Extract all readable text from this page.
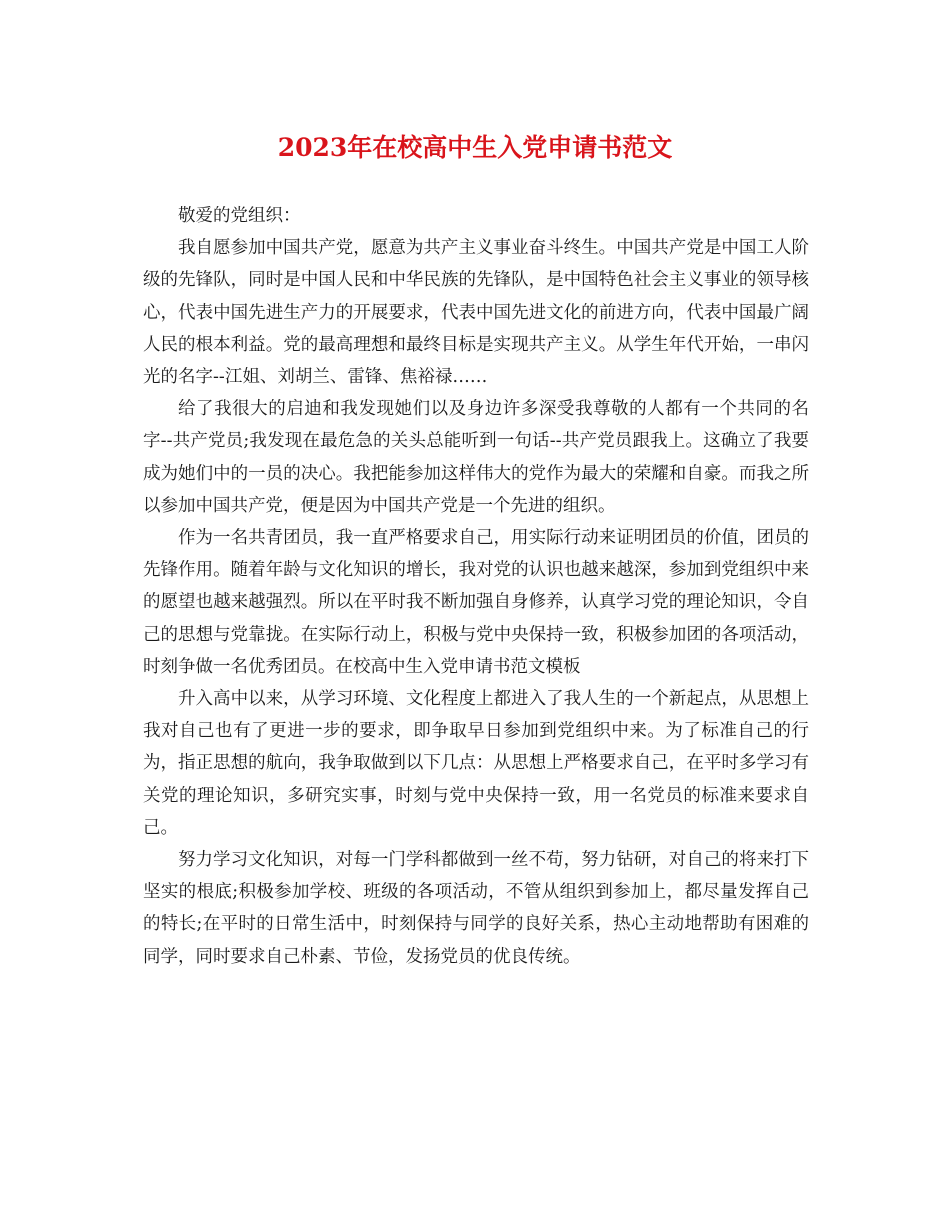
2023年在校高中生入党申请书范文

敬爱的党组织：

我自愿参加中国共产党，愿意为共产主义事业奋斗终生。中国共产党是中国工人阶级的先锋队，同时是中国人民和中华民族的先锋队，是中国特色社会主义事业的领导核心，代表中国先进生产力的开展要求，代表中国先进文化的前进方向，代表中国最广阔人民的根本利益。党的最高理想和最终目标是实现共产主义。从学生年代开始，一串闪光的名字--江姐、刘胡兰、雷锋、焦裕禄……

给了我很大的启迪和我发现她们以及身边许多深受我尊敬的人都有一个共同的名字--共产党员;我发现在最危急的关头总能听到一句话--共产党员跟我上。这确立了我要成为她们中的一员的决心。我把能参加这样伟大的党作为最大的荣耀和自豪。而我之所以参加中国共产党，便是因为中国共产党是一个先进的组织。

作为一名共青团员，我一直严格要求自己，用实际行动来证明团员的价值，团员的先锋作用。随着年龄与文化知识的增长，我对党的认识也越来越深，参加到党组织中来的愿望也越来越强烈。所以在平时我不断加强自身修养，认真学习党的理论知识，令自己的思想与党靠拢。在实际行动上，积极与党中央保持一致，积极参加团的各项活动，时刻争做一名优秀团员。在校高中生入党申请书范文模板

升入高中以来，从学习环境、文化程度上都进入了我人生的一个新起点，从思想上我对自己也有了更进一步的要求，即争取早日参加到党组织中来。为了标准自己的行为，指正思想的航向，我争取做到以下几点：从思想上严格要求自己，在平时多学习有关党的理论知识，多研究实事，时刻与党中央保持一致，用一名党员的标准来要求自己。

努力学习文化知识，对每一门学科都做到一丝不苟，努力钻研，对自己的将来打下坚实的根底;积极参加学校、班级的各项活动，不管从组织到参加上，都尽量发挥自己的特长;在平时的日常生活中，时刻保持与同学的良好关系，热心主动地帮助有困难的同学，同时要求自己朴素、节俭，发扬党员的优良传统。
